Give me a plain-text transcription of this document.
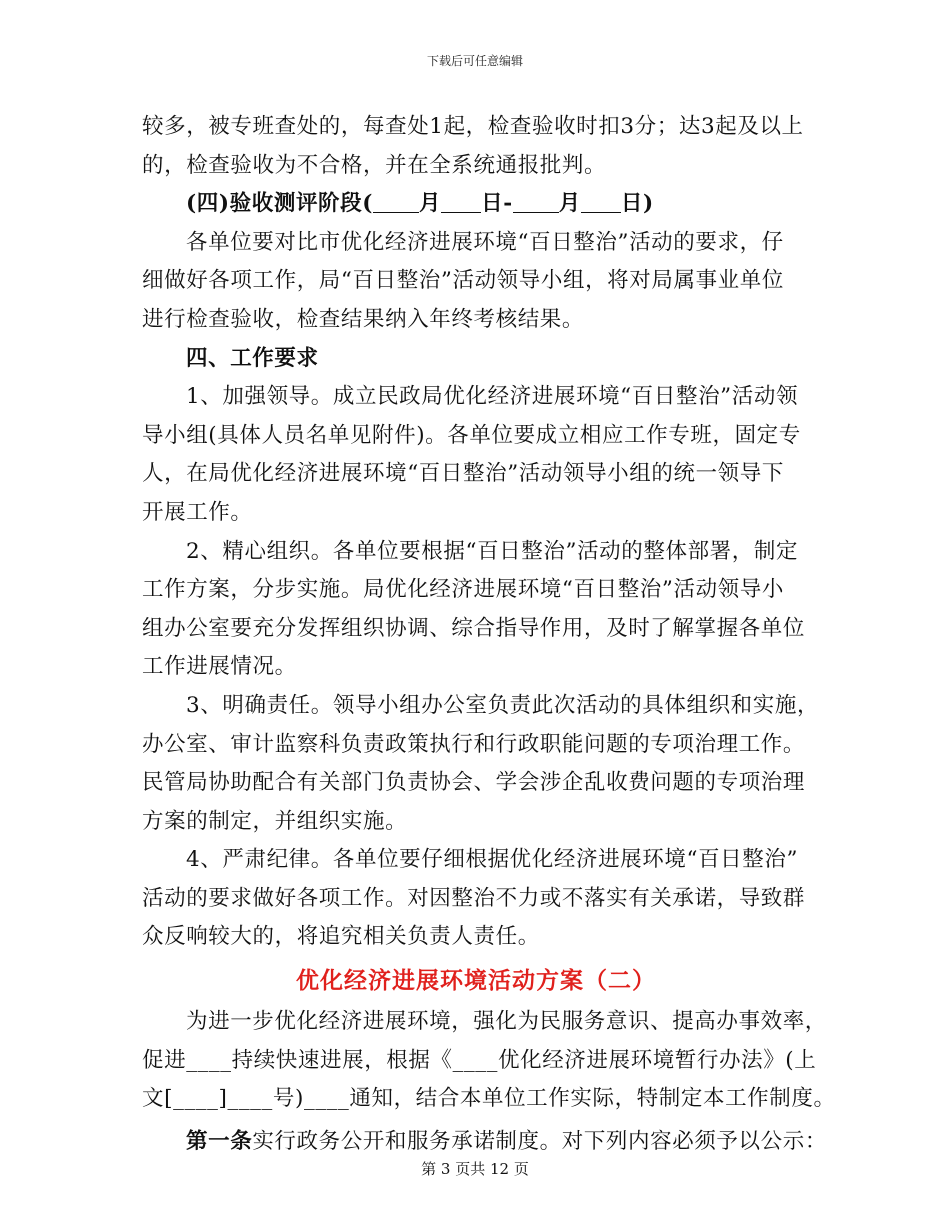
下载后可任意编辑
较多，被专班查处的，每查处1起，检查验收时扣3分；达3起及以上
的，检查验收为不合格，并在全系统通报批判。
(四)验收测评阶段( 月 日- 月 日)
各单位要对比市优化经济进展环境“百日整治”活动的要求，仔
细做好各项工作，局“百日整治”活动领导小组，将对局属事业单位
进行检查验收，检查结果纳入年终考核结果。
四、工作要求
1、加强领导。成立民政局优化经济进展环境“百日整治”活动领
导小组(具体人员名单见附件)。各单位要成立相应工作专班，固定专
人，在局优化经济进展环境“百日整治”活动领导小组的统一领导下
开展工作。
2、精心组织。各单位要根据“百日整治”活动的整体部署，制定
工作方案，分步实施。局优化经济进展环境“百日整治”活动领导小
组办公室要充分发挥组织协调、综合指导作用，及时了解掌握各单位
工作进展情况。
3、明确责任。领导小组办公室负责此次活动的具体组织和实施，
办公室、审计监察科负责政策执行和行政职能问题的专项治理工作。
民管局协助配合有关部门负责协会、学会涉企乱收费问题的专项治理
方案的制定，并组织实施。
4、严肃纪律。各单位要仔细根据优化经济进展环境“百日整治”
活动的要求做好各项工作。对因整治不力或不落实有关承诺，导致群
众反响较大的，将追究相关负责人责任。
优化经济进展环境活动方案（二）
为进一步优化经济进展环境，强化为民服务意识、提高办事效率，
促进____持续快速进展，根据《____优化经济进展环境暂行办法》(上
文[____]____号)____通知，结合本单位工作实际，特制定本工作制度。
第一条实行政务公开和服务承诺制度。对下列内容必须予以公示：
第 3 页共 12 页
